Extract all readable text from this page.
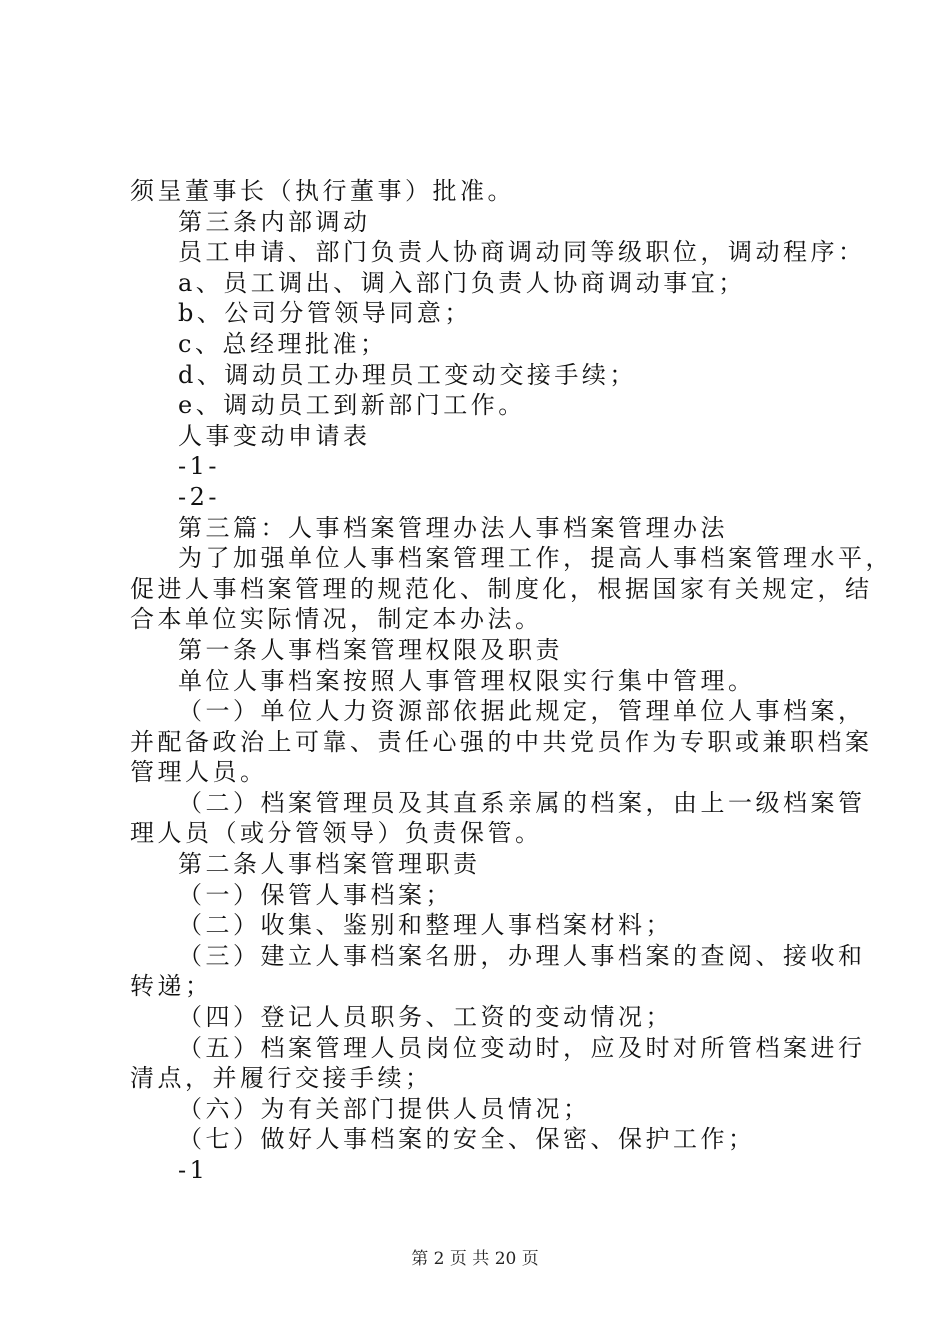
须呈董事长（执行董事）批准。
第三条内部调动
员工申请、部门负责人协商调动同等级职位，调动程序：
a、员工调出、调入部门负责人协商调动事宜；
b、公司分管领导同意；
c、总经理批准；
d、调动员工办理员工变动交接手续；
e、调动员工到新部门工作。
人事变动申请表
-1-
-2-
第三篇：人事档案管理办法人事档案管理办法
为了加强单位人事档案管理工作，提高人事档案管理水平，
促进人事档案管理的规范化、制度化，根据国家有关规定，结
合本单位实际情况，制定本办法。
第一条人事档案管理权限及职责
单位人事档案按照人事管理权限实行集中管理。
（一）单位人力资源部依据此规定，管理单位人事档案，
并配备政治上可靠、责任心强的中共党员作为专职或兼职档案
管理人员。
（二）档案管理员及其直系亲属的档案，由上一级档案管
理人员（或分管领导）负责保管。
第二条人事档案管理职责
（一）保管人事档案；
（二）收集、鉴别和整理人事档案材料；
（三）建立人事档案名册，办理人事档案的查阅、接收和
转递；
（四）登记人员职务、工资的变动情况；
（五）档案管理人员岗位变动时，应及时对所管档案进行
清点，并履行交接手续；
（六）为有关部门提供人员情况；
（七）做好人事档案的安全、保密、保护工作；
-1
第 2 页 共 20 页
